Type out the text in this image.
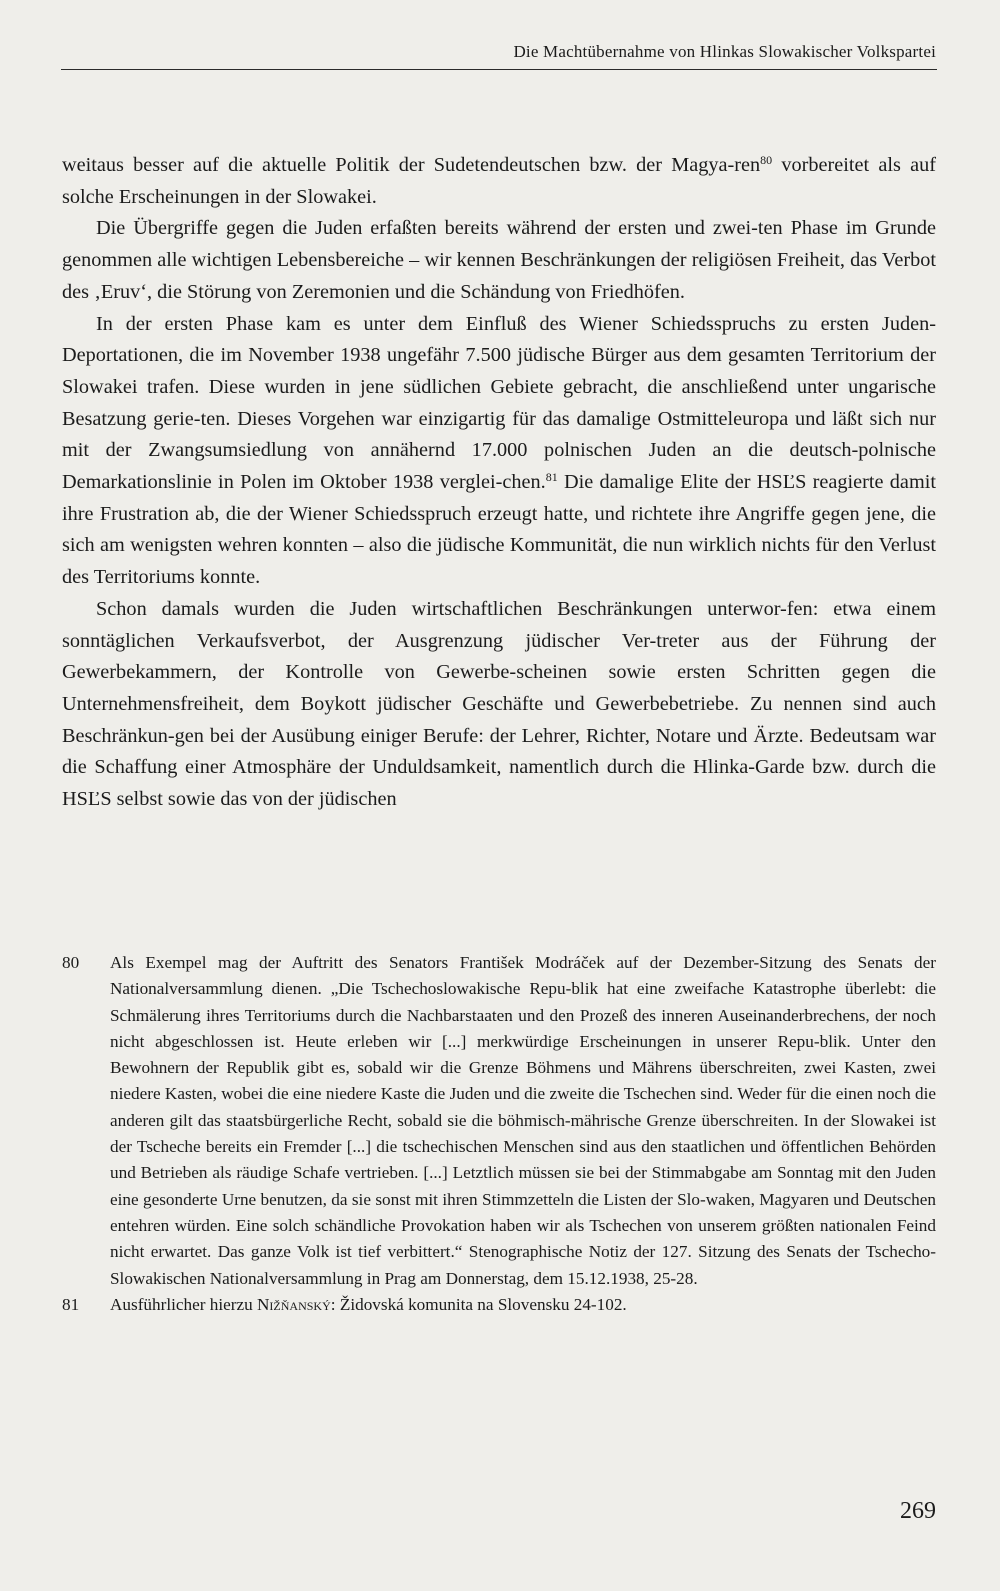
Die Machtübernahme von Hlinkas Slowakischer Volkspartei

weitaus besser auf die aktuelle Politik der Sudetendeutschen bzw. der Magya-ren$^{80}$ vorbereitet als auf solche Erscheinungen in der Slowakei.

Die Übergriffe gegen die Juden erfaßten bereits während der ersten und zwei-ten Phase im Grunde genommen alle wichtigen Lebensbereiche – wir kennen Beschränkungen der religiösen Freiheit, das Verbot des ‚Eruv‘, die Störung von Zeremonien und die Schändung von Friedhöfen.

In der ersten Phase kam es unter dem Einfluß des Wiener Schiedsspruchs zu ersten Juden-Deportationen, die im November 1938 ungefähr 7.500 jüdische Bürger aus dem gesamten Territorium der Slowakei trafen. Diese wurden in jene südlichen Gebiete gebracht, die anschließend unter ungarische Besatzung gerie-ten. Dieses Vorgehen war einzigartig für das damalige Ostmitteleuropa und läßt sich nur mit der Zwangsumsiedlung von annähernd 17.000 polnischen Juden an die deutsch-polnische Demarkationslinie in Polen im Oktober 1938 verglei-chen.$^{81}$ Die damalige Elite der HSĽS reagierte damit ihre Frustration ab, die der Wiener Schiedsspruch erzeugt hatte, und richtete ihre Angriffe gegen jene, die sich am wenigsten wehren konnten – also die jüdische Kommunität, die nun wirklich nichts für den Verlust des Territoriums konnte.

Schon damals wurden die Juden wirtschaftlichen Beschränkungen unterwor-fen: etwa einem sonntäglichen Verkaufsverbot, der Ausgrenzung jüdischer Ver-treter aus der Führung der Gewerbekammern, der Kontrolle von Gewerbe-scheinen sowie ersten Schritten gegen die Unternehmensfreiheit, dem Boykott jüdischer Geschäfte und Gewerbebetriebe. Zu nennen sind auch Beschränkun-gen bei der Ausübung einiger Berufe: der Lehrer, Richter, Notare und Ärzte. Bedeutsam war die Schaffung einer Atmosphäre der Unduldsamkeit, namentlich durch die Hlinka-Garde bzw. durch die HSĽS selbst sowie das von der jüdischen

80 Als Exempel mag der Auftritt des Senators František Modráček auf der Dezember-Sitzung des Senats der Nationalversammlung dienen. „Die Tschechoslowakische Repu-blik hat eine zweifache Katastrophe überlebt: die Schmälerung ihres Territoriums durch die Nachbarstaaten und den Prozeß des inneren Auseinanderbrechens, der noch nicht abgeschlossen ist. Heute erleben wir [...] merkwürdige Erscheinungen in unserer Repu-blik. Unter den Bewohnern der Republik gibt es, sobald wir die Grenze Böhmens und Mährens überschreiten, zwei Kasten, zwei niedere Kasten, wobei die eine niedere Kaste die Juden und die zweite die Tschechen sind. Weder für die einen noch die anderen gilt das staatsbürgerliche Recht, sobald sie die böhmisch-mährische Grenze überschreiten. In der Slowakei ist der Tscheche bereits ein Fremder [...] die tschechischen Menschen sind aus den staatlichen und öffentlichen Behörden und Betrieben als räudige Schafe vertrieben. [...] Letztlich müssen sie bei der Stimmabgabe am Sonntag mit den Juden eine gesonderte Urne benutzen, da sie sonst mit ihren Stimmzetteln die Listen der Slo-waken, Magyaren und Deutschen entehren würden. Eine solch schändliche Provokation haben wir als Tschechen von unserem größten nationalen Feind nicht erwartet. Das ganze Volk ist tief verbittert.“ Stenographische Notiz der 127. Sitzung des Senats der Tschecho-Slowakischen Nationalversammlung in Prag am Donnerstag, dem 15.12.1938, 25-28.
81 Ausführlicher hierzu Nižňanský: Židovská komunita na Slovensku 24-102.
269
